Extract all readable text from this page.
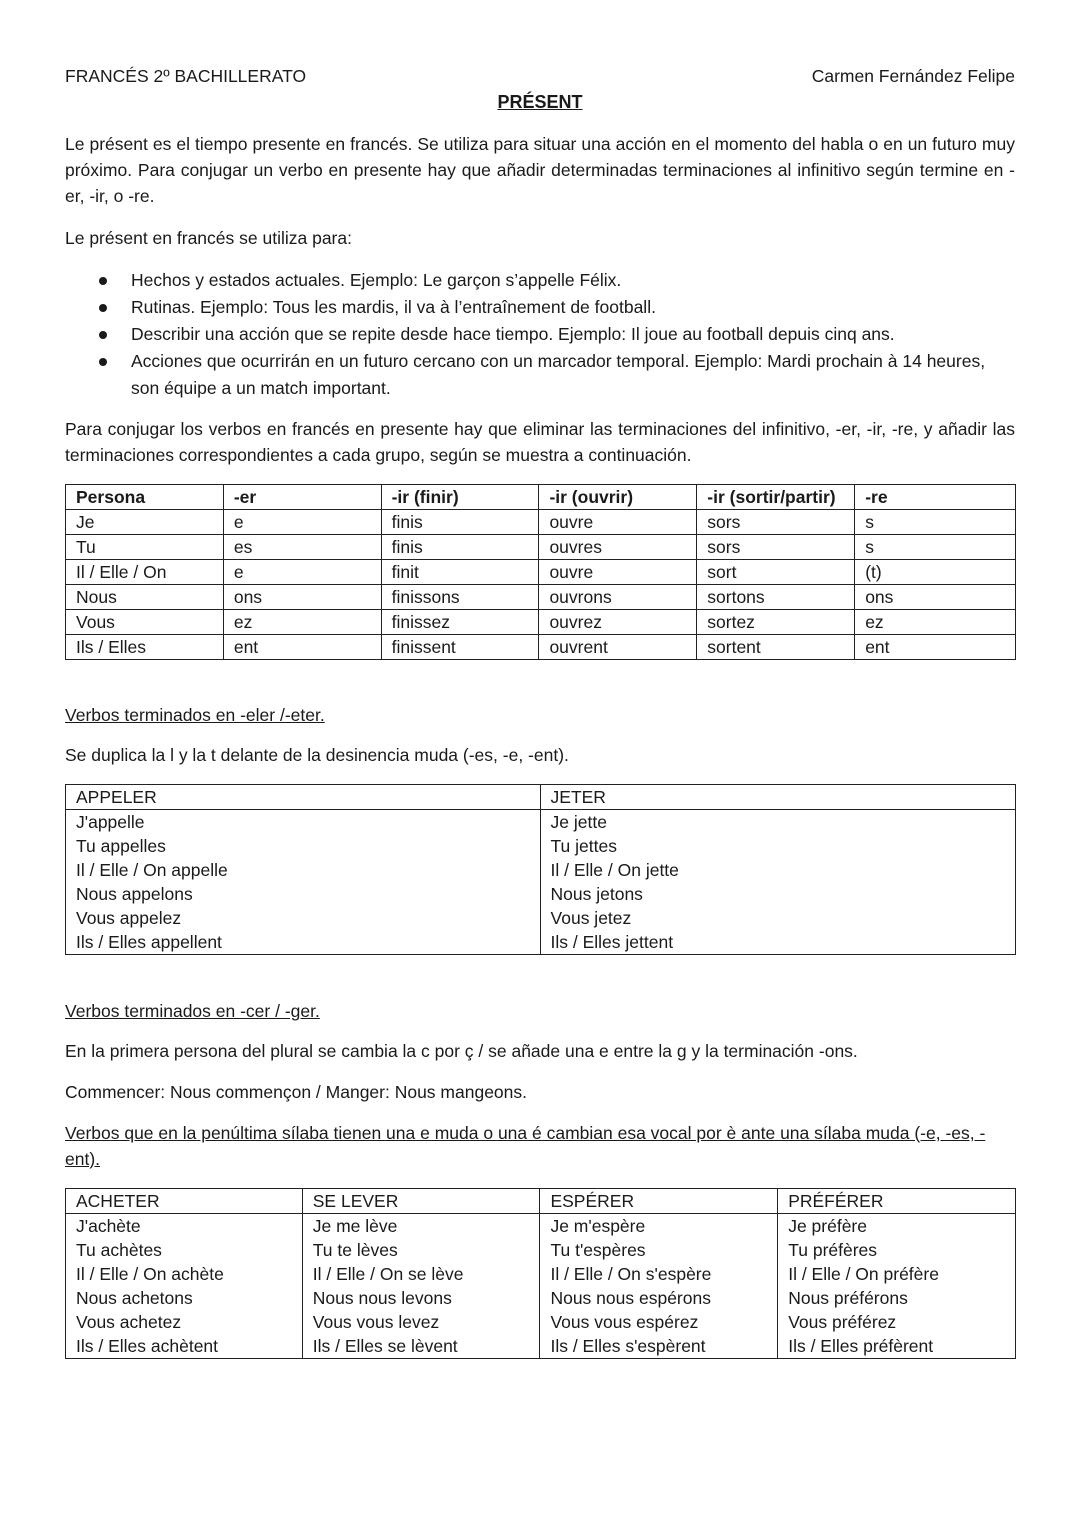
FRANCÉS 2º BACHILLERATO	Carmen Fernández Felipe
PRÉSENT

Le présent es el tiempo presente en francés. Se utiliza para situar una acción en el momento del habla o en un futuro muy próximo. Para conjugar un verbo en presente hay que añadir determinadas terminaciones al infinitivo según termine en -er, -ir, o -re.

Le présent en francés se utiliza para:

Hechos y estados actuales. Ejemplo: Le garçon s’appelle Félix.
Rutinas. Ejemplo: Tous les mardis, il va à l’entraînement de football.
Describir una acción que se repite desde hace tiempo. Ejemplo: Il joue au football depuis cinq ans.
Acciones que ocurrirán en un futuro cercano con un marcador temporal. Ejemplo: Mardi prochain à 14 heures, son équipe a un match important.

Para conjugar los verbos en francés en presente hay que eliminar las terminaciones del infinitivo, -er, -ir, -re, y añadir las terminaciones correspondientes a cada grupo, según se muestra a continuación.

Persona	-er	-ir (finir)	-ir (ouvrir)	-ir (sortir/partir)	-re
Je	e	finis	ouvre	sors	s
Tu	es	finis	ouvres	sors	s
Il / Elle / On	e	finit	ouvre	sort	(t)
Nous	ons	finissons	ouvrons	sortons	ons
Vous	ez	finissez	ouvrez	sortez	ez
Ils / Elles	ent	finissent	ouvrent	sortent	ent

Verbos terminados en -eler /-eter.

Se duplica la l y la t delante de la desinencia muda (-es, -e, -ent).

APPELER	JETER
J'appelle	Je jette
Tu appelles	Tu jettes
Il / Elle / On appelle	Il / Elle / On jette
Nous appelons	Nous jetons
Vous appelez	Vous jetez
Ils / Elles appellent	Ils / Elles jettent

Verbos terminados en -cer / -ger.

En la primera persona del plural se cambia la c por ç / se añade una e entre la g y la terminación -ons.

Commencer: Nous commençon / Manger: Nous mangeons.

Verbos que en la penúltima sílaba tienen una e muda o una é cambian esa vocal por è ante una sílaba muda (-e, -es, -ent).

ACHETER	SE LEVER	ESPÉRER	PRÉFÉRER
J'achète	Je me lève	Je m'espère	Je préfère
Tu achètes	Tu te lèves	Tu t'espères	Tu préfères
Il / Elle / On achète	Il / Elle / On se lève	Il / Elle / On s'espère	Il / Elle / On préfère
Nous achetons	Nous nous levons	Nous nous espérons	Nous préférons
Vous achetez	Vous vous levez	Vous vous espérez	Vous préférez
Ils / Elles achètent	Ils / Elles se lèvent	Ils / Elles s'espèrent	Ils / Elles préfèrent
